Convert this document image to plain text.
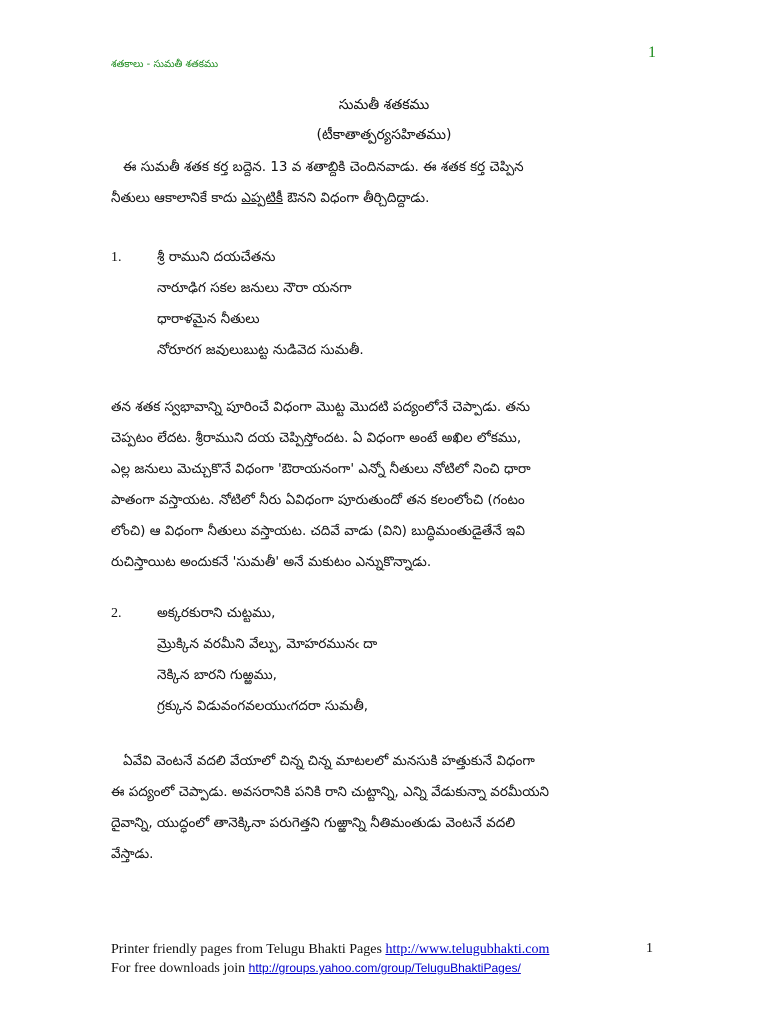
శతకాలు - సుమతీ శతకము
1
సుమతీ శతకము
(టీకాతాత్పర్యసహితము)
ఈ సుమతీ శతక కర్త బద్దెన. 13 వ శతాబ్దికి చెందినవాడు. ఈ శతక కర్త చెప్పిన
నీతులు ఆకాలానికే కాదు ఎప్పటికీ ఔనని విధంగా తీర్చిదిద్దాడు.
1.	శ్రీ రాముని దయచేతను
నారూఢిగ సకల జనులు నౌరా యనగా
ధారాళమైన నీతులు
నోరూరగ జవులుబుట్ట నుడివెద సుమతీ.
తన శతక స్వభావాన్ని పూరించే విధంగా మొట్ట మొదటి పద్యంలోనే చెప్పాడు. తను
చెప్పటం లేదట. శ్రీరాముని దయ చెప్పిస్తోందట. ఏ విధంగా అంటే అఖిల లోకము,
ఎల్ల జనులు మెచ్చుకొనే విధంగా 'ఔరాయనంగా' ఎన్నో నీతులు నోటిలో నించి ధారా
పాతంగా వస్తాయట. నోటిలో నీరు ఏవిధంగా పూరుతుందో తన కలంలోంచి (గంటం
లోంచి) ఆ విధంగా నీతులు వస్తాయట. చదివే వాడు (విని) బుద్ధిమంతుడైతేనే ఇవి
రుచిస్తాయిట అందుకనే 'సుమతీ' అనే మకుటం ఎన్నుకొన్నాడు.
2.	అక్కరకురాని చుట్టము,
మ్రొక్కిన వరమీని వేల్పు, మోహరమునఁ దా
నెక్కిన బారని గుఱ్ఱము,
గ్రక్కున విడువంగవలయుఁగదరా సుమతీ,
ఏవేవి వెంటనే వదలి వేయాలో చిన్న చిన్న మాటలలో మనసుకి హత్తుకునే విధంగా
ఈ పద్యంలో చెప్పాడు. అవసరానికి పనికి రాని చుట్టాన్ని, ఎన్ని వేడుకున్నా వరమీయని
దైవాన్ని, యుద్ధంలో తానెక్కినా పరుగెత్తని గుఱ్ఱాన్ని నీతిమంతుడు వెంటనే వదలి
వేస్తాడు.
Printer friendly pages from Telugu Bhakti Pages http://www.telugubhakti.com
For free downloads join http://groups.yahoo.com/group/TeluguBhaktiPages/
1
